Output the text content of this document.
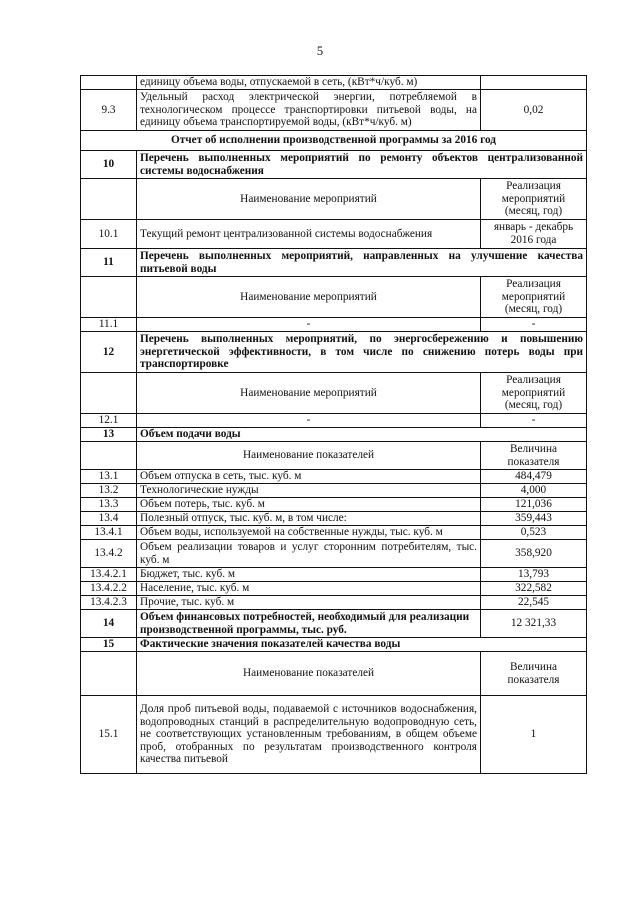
5
	единицу объема воды, отпускаемой в сеть, (кВт*ч/куб. м)	
9.3	Удельный расход электрической энергии, потребляемой в технологическом процессе транспортировки питьевой воды, на единицу объема транспортируемой воды, (кВт*ч/куб. м)	0,02
Отчет об исполнении производственной программы за 2016 год		
10	Перечень выполненных мероприятий по ремонту объектов централизованной системы водоснабжения	
	Наименование мероприятий	Реализация мероприятий (месяц, год)
10.1	Текущий ремонт централизованной системы водоснабжения	январь - декабрь 2016 года
11	Перечень выполненных мероприятий, направленных на улучшение качества питьевой воды	
	Наименование мероприятий	Реализация мероприятий (месяц, год)
11.1	-	-
12	Перечень выполненных мероприятий, по энергосбережению и повышению энергетической эффективности, в том числе по снижению потерь воды при транспортировке	
	Наименование мероприятий	Реализация мероприятий (месяц, год)
12.1	-	-
13	Объем подачи воды	
	Наименование показателей	Величина показателя
13.1	Объем отпуска в сеть, тыс. куб. м	484,479
13.2	Технологические нужды	4,000
13.3	Объем потерь, тыс. куб. м	121,036
13.4	Полезный отпуск, тыс. куб. м, в том числе:	359,443
13.4.1	Объем воды, используемой на собственные нужды, тыс. куб. м	0,523
13.4.2	Объем реализации товаров и услуг сторонним потребителям, тыс. куб. м	358,920
13.4.2.1	Бюджет, тыс. куб. м	13,793
13.4.2.2	Население, тыс. куб. м	322,582
13.4.2.3	Прочие, тыс. куб. м	22,545
14	Объем финансовых потребностей, необходимый для реализации производственной программы, тыс. руб.	12 321,33
15	Фактические значения показателей качества воды	
	Наименование показателей	Величина показателя
15.1	Доля проб питьевой воды, подаваемой с источников водоснабжения, водопроводных станций в распределительную водопроводную сеть, не соответствующих установленным требованиям, в общем объеме проб, отобранных по результатам производственного контроля качества питьевой	1
